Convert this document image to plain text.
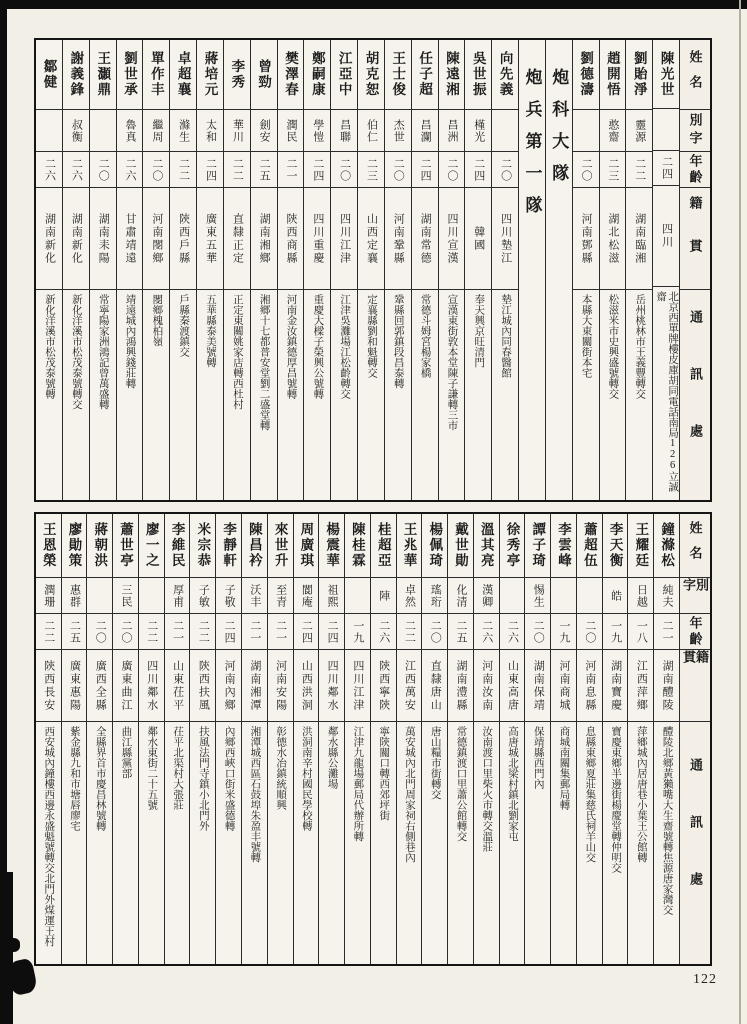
姓名
別字
年齡
籍貫
通訊處
陳光世
二四
四川
北京西單牌樓皮庫胡同電話南局126立誠齋
劉貽淨
靈源
二二
湖南臨湘
岳州桃林市王義豐轉交
趙開悟
憨齋
二三
湖北松滋
松滋米市史興盛號轉交
劉德濤
二〇
河南鄧縣
本縣大東關街本宅
炮科大隊
炮兵第一隊
向先義
二〇
四川墊江
墊江城內同春醫館
吳世振
槿光
二四
韓國
奉天興京旺清門
陳遠湘
昌洲
二〇
四川宣漢
宣漢東街敦本堂陳子謙轉三市
任子超
昌瀾
二四
湖南常德
常德斗姆宮楊家橋
王士俊
杰世
二〇
河南鞏縣
鞏縣回郭鎮段昌泰轉
胡克恕
伯仁
二三
山西定襄
定襄縣劉和魁轉交
江亞中
昌聯
二〇
四川江津
江津吳灘場江松齡轉交
鄭嗣康
學愷
二四
四川重慶
重慶大樑子榮興公號轉
樊澤春
潤民
二一
陝西商縣
河南金汝鎮德厚昌號轉
曾勁
劍安
二五
湖南湘鄉
湘鄉十七都普安堂劉二盛堂轉
李秀
華川
二二
直隸正定
正定東關姚家店轉西杜村
蔣培元
太和
二四
廣東五華
五華縣泰美號轉
卓超襄
滌生
二二
陝西戶縣
戶縣秦渡鎮交
單作丰
繼周
二〇
河南閿鄉
閿鄉槐柏嶺
劉世承
魯真
二六
甘肅靖遠
靖遠城內鴻興錢莊轉
王灝鼎
二〇
湖南耒陽
常寧陽家洲鴻記曾萬盛轉
謝義鋒
叔衡
二六
湖南新化
新化洋溪市松茂泰號轉交
鄒健
二六
湖南新化
新化洋溪市松茂泰號轉
姓名
別字
年齡
籍貫
通訊處
鐘滌松
純夫
二一
湖南醴陵
醴陵北鄉黃獺嘴大生齋號轉焦源唐家灣交
王耀廷
日越
一八
江西萍鄉
萍鄉城內居唐巷小葉王公館轉
李天衡
皓
一九
湖南寶慶
寶慶東鄉半邊街楊慶堂轉仲明交
蕭超伍
二〇
河南息縣
息縣東鄉夏莊集慈氏祠羊山交
李雲峰
一九
河南商城
商城南關集郵局轉
譚子琦
惕生
二〇
湖南保靖
保靖縣西門內
徐秀亭
二六
山東高唐
高唐城北梁村鎮北劉家屯
溫其亮
漢卿
二六
河南汝南
汝南渡口里柴火市轉交溫莊
戴世勛
化清
二五
湖南澧縣
常德鎮渡口里蕭公館轉交
楊佩琦
瑤珩
二〇
直隸唐山
唐山糧市街轉交
王兆華
卓然
二二
江西萬安
萬安城內北門周家祠右側巷內
桂超亞
陣
二六
陝西寧陝
寧陝關口轉西郊坪街
陳桂霖
一九
四川江津
江津九龍場郵局代辦所轉
楊震華
祖熙
二四
四川鄰水
鄰水縣公灘場
周廣琪
閬庵
二四
山西洪洞
洪洞南辛村國民學校轉
來世升
至青
二一
河南安陽
彰德水冶鎮統順興
陳昌衿
沃丰
二一
湖南湘潭
湘潭城西區石鼓埠朱盈丰號轉
李靜軒
子敬
二四
河南內鄉
內鄉西峽口街米盛德轉
米宗恭
子敏
二二
陝西扶風
扶風法門寺鎮小北門外
李維民
厚甫
二一
山東茌平
茌平北渠村大張莊
廖一之
二二
四川鄰水
鄰水東街二十五號
蕭世亭
三民
二〇
廣東曲江
曲江縣黨部
蔣朝洪
二〇
廣西全縣
全縣界首市慶昌林號轉
廖勛策
惠群
二五
廣東惠陽
紫金縣九和市塘唇廖宅
王恩榮
潤珊
二二
陝西長安
西安城內鐘樓西邊永盛魁號轉交北門外煤運王村
122
